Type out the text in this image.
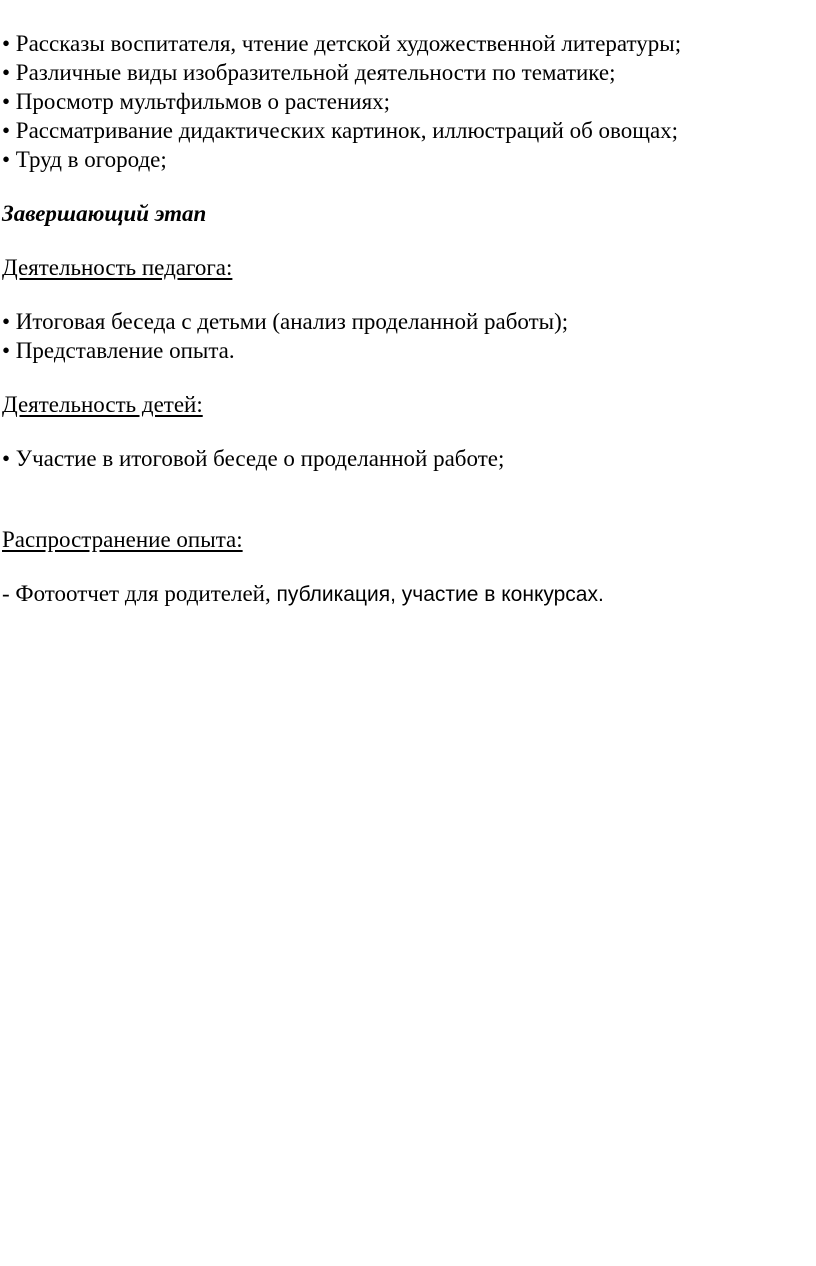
• Рассказы воспитателя, чтение детской художественной литературы;

• Различные виды изобразительной деятельности по тематике;

• Просмотр мультфильмов о растениях;

• Рассматривание дидактических картинок, иллюстраций об овощах;

• Труд в огороде;

Завершающий этап

Деятельность педагога:

• Итоговая беседа с детьми (анализ проделанной работы);

• Представление опыта.

Деятельность детей:

• Участие в итоговой беседе о проделанной работе;

Распространение опыта:

- Фотоотчет для родителей, публикация, участие в конкурсах.
